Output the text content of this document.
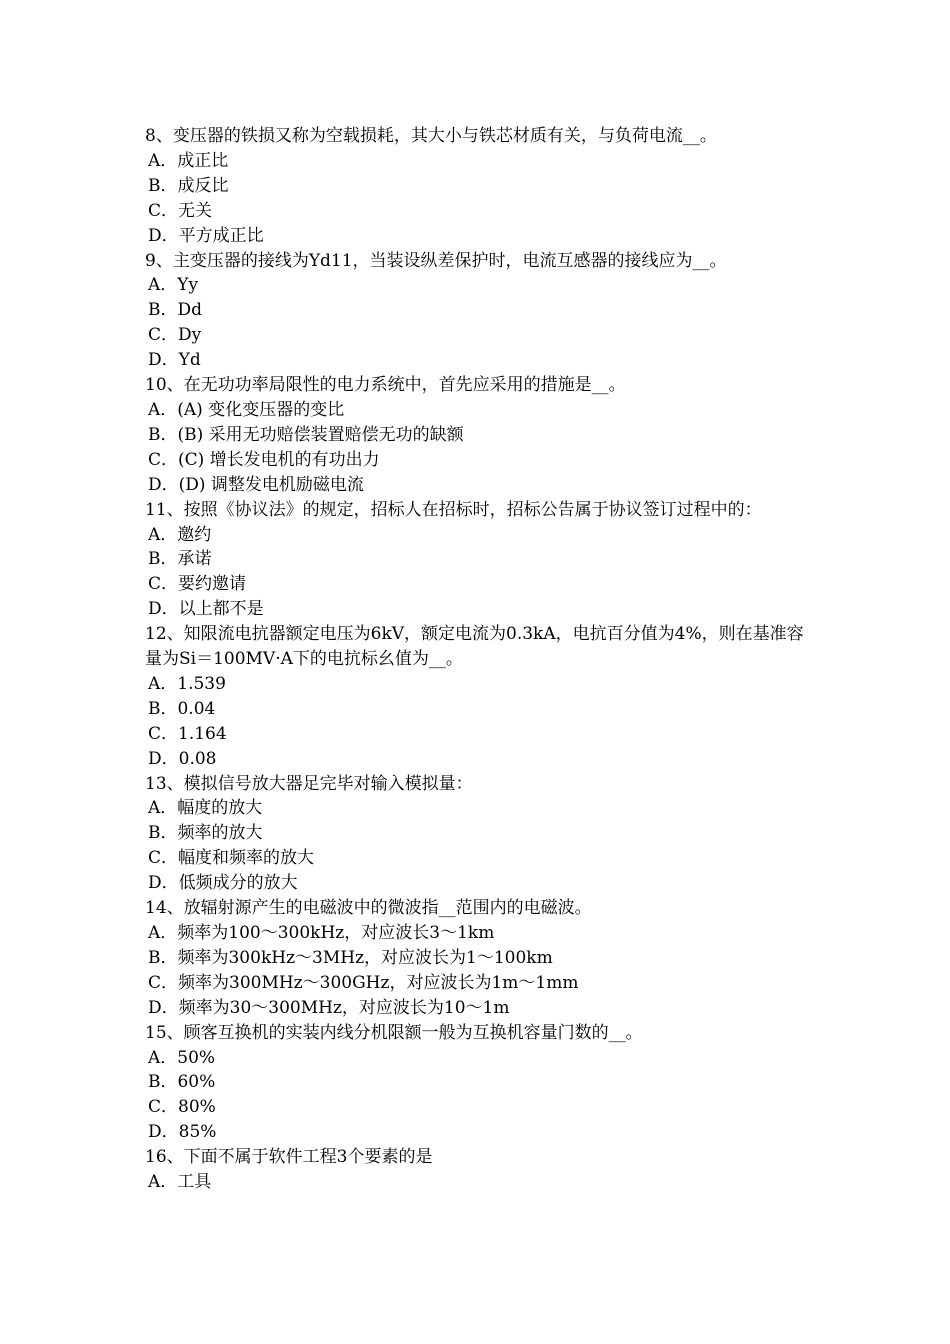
8、变压器的铁损又称为空载损耗，其大小与铁芯材质有关，与负荷电流__。
A．成正比
B．成反比
C．无关
D．平方成正比
9、主变压器的接线为Yd11，当装设纵差保护时，电流互感器的接线应为__。
A．Yy
B．Dd
C．Dy
D．Yd
10、在无功功率局限性的电力系统中，首先应采用的措施是__。
A．(A) 变化变压器的变比
B．(B) 采用无功赔偿装置赔偿无功的缺额
C．(C) 增长发电机的有功出力
D．(D) 调整发电机励磁电流
11、按照《协议法》的规定，招标人在招标时，招标公告属于协议签订过程中的：
A．邀约
B．承诺
C．要约邀请
D．以上都不是
12、知限流电抗器额定电压为6kV，额定电流为0.3kA，电抗百分值为4%，则在基准容量为Si＝100MV·A下的电抗标幺值为__。
A．1.539
B．0.04
C．1.164
D．0.08
13、模拟信号放大器足完毕对输入模拟量：
A．幅度的放大
B．频率的放大
C．幅度和频率的放大
D．低频成分的放大
14、放辐射源产生的电磁波中的微波指__范围内的电磁波。
A．频率为100～300kHz，对应波长3～1km
B．频率为300kHz～3MHz，对应波长为1～100km
C．频率为300MHz～300GHz，对应波长为1m～1mm
D．频率为30～300MHz，对应波长为10～1m
15、顾客互换机的实装内线分机限额一般为互换机容量门数的__。
A．50%
B．60%
C．80%
D．85%
16、下面不属于软件工程3个要素的是
A．工具
